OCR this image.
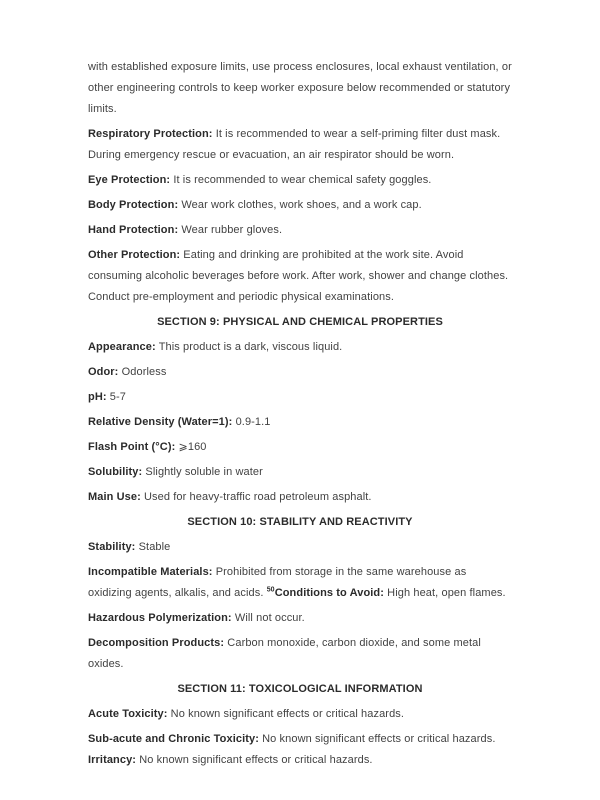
with established exposure limits, use process enclosures, local exhaust ventilation, or other engineering controls to keep worker exposure below recommended or statutory limits.

Respiratory Protection: It is recommended to wear a self-priming filter dust mask. During emergency rescue or evacuation, an air respirator should be worn.

Eye Protection: It is recommended to wear chemical safety goggles.

Body Protection: Wear work clothes, work shoes, and a work cap.

Hand Protection: Wear rubber gloves.

Other Protection: Eating and drinking are prohibited at the work site. Avoid consuming alcoholic beverages before work. After work, shower and change clothes. Conduct pre-employment and periodic physical examinations.

SECTION 9: PHYSICAL AND CHEMICAL PROPERTIES

Appearance: This product is a dark, viscous liquid.

Odor: Odorless

pH: 5-7

Relative Density (Water=1): 0.9-1.1

Flash Point (°C): ⩾160

Solubility: Slightly soluble in water

Main Use: Used for heavy-traffic road petroleum asphalt.

SECTION 10: STABILITY AND REACTIVITY

Stability: Stable

Incompatible Materials: Prohibited from storage in the same warehouse as oxidizing agents, alkalis, and acids. $^{50}$Conditions to Avoid: High heat, open flames.

Hazardous Polymerization: Will not occur.

Decomposition Products: Carbon monoxide, carbon dioxide, and some metal oxides.

SECTION 11: TOXICOLOGICAL INFORMATION

Acute Toxicity: No known significant effects or critical hazards.

Sub-acute and Chronic Toxicity: No known significant effects or critical hazards. Irritancy: No known significant effects or critical hazards.
